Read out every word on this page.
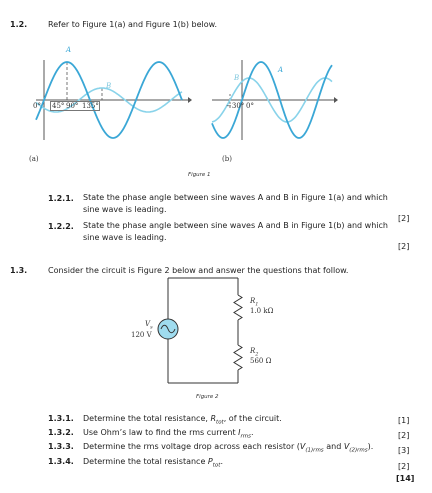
1.2.	Refer to Figure 1(a) and Figure 1(b) below.
A
B
0° 45° 90° 135°
(a)
B
A
−30° 0°
(b)
Figure 1
1.2.1. State the phase angle between sine waves A and B in Figure 1(a) and which sine wave is leading.
[2]
1.2.2. State the phase angle between sine waves A and B in Figure 1(b) and which sine wave is leading.
[2]
1.3.	Consider the circuit is Figure 2 below and answer the questions that follow.
$V_s$
120 V
$R_1$
1.0 kΩ
$R_2$
560 Ω
Figure 2
1.3.1. Determine the total resistance, $R_{tot}$, of the circuit.	[1]
1.3.2. Use Ohm’s law to find the rms current $I_{rms}$.	[2]
1.3.3. Determine the rms voltage drop across each resistor ($V_{(1)rms}$ and $V_{(2)rms}$).	[3]
1.3.4. Determine the total resistance $P_{tot}$.
[2]
[14]
